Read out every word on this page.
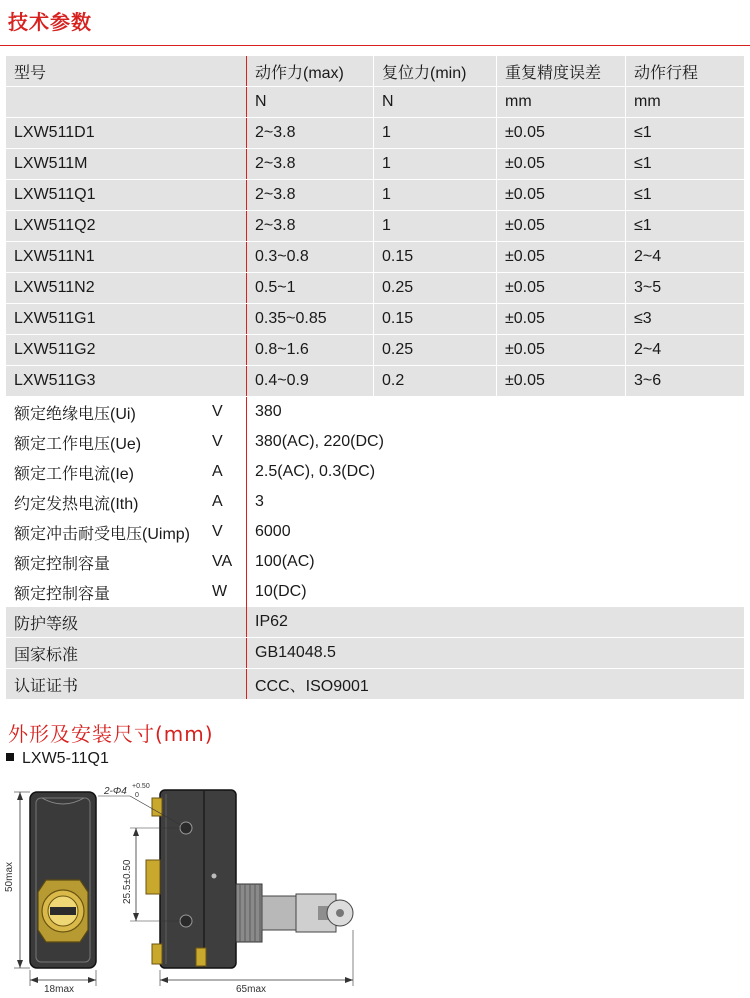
技术参数
型号		动作力(max)	复位力(min)	重复精度误差	动作行程
		N	N	mm	mm
LXW511D1		2~3.8	1	±0.05	≤1
LXW511M		2~3.8	1	±0.05	≤1
LXW511Q1		2~3.8	1	±0.05	≤1
LXW511Q2		2~3.8	1	±0.05	≤1
LXW511N1		0.3~0.8	0.15	±0.05	2~4
LXW511N2		0.5~1	0.25	±0.05	3~5
LXW511G1		0.35~0.85	0.15	±0.05	≤3
LXW511G2		0.8~1.6	0.25	±0.05	2~4
LXW511G3		0.4~0.9	0.2	±0.05	3~6
额定绝缘电压(Ui)	V	380			
额定工作电压(Ue)	V	380(AC), 220(DC)			
额定工作电流(Ie)	A	2.5(AC), 0.3(DC)			
约定发热电流(Ith)	A	3			
额定冲击耐受电压(Uimp)	V	6000			
额定控制容量	VA	100(AC)			
额定控制容量	W	10(DC)			
防护等级		IP62			
国家标准		GB14048.5			
认证证书		CCC、ISO9001			
外形及安装尺寸(mm)
LXW5-11Q1
50max
18max
25.5±0.50
2-Φ4 +0.50
0
65max
